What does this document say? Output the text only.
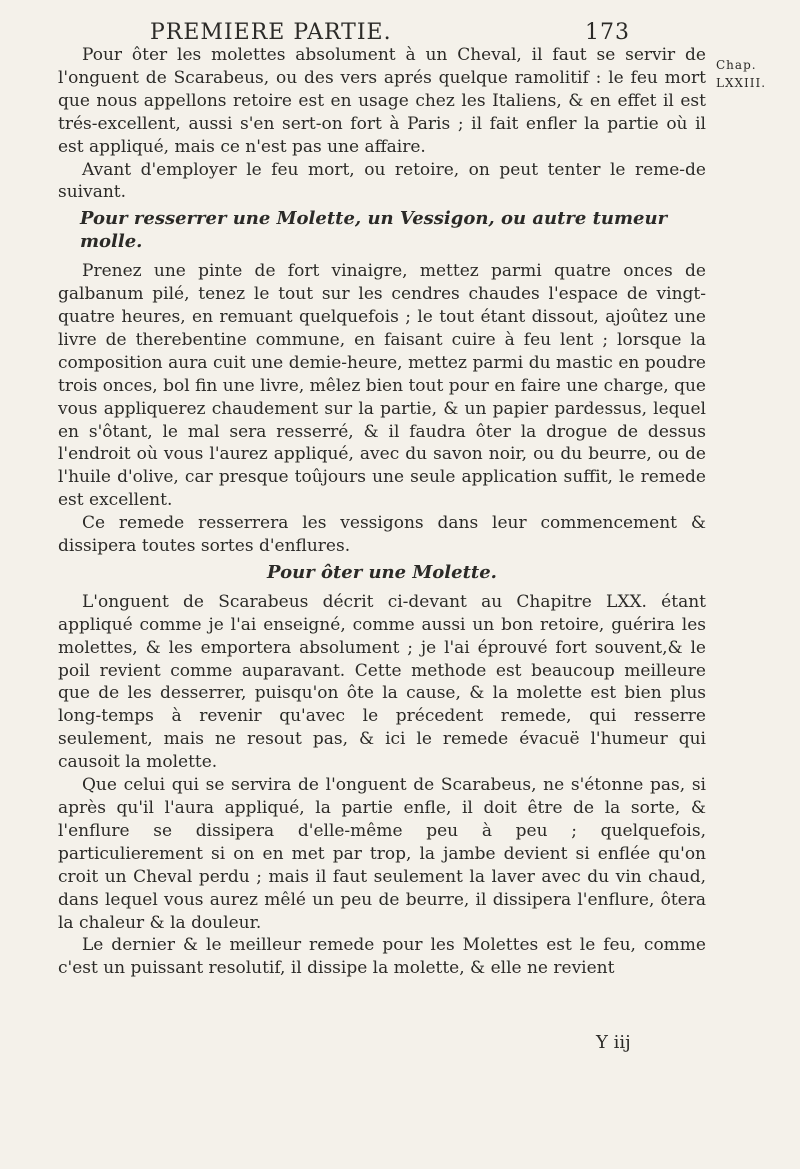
PREMIERE PARTIE.	173
Chap.
LXXIII.

Pour ôter les molettes absolument à un Cheval, il faut se servir de l'onguent de Scarabeus, ou des vers aprés quelque ramolitif : le feu mort que nous appellons retoire est en usage chez les Italiens, & en effet il est trés-excellent, aussi s'en sert-on fort à Paris ; il fait enfler la partie où il est appliqué, mais ce n'est pas une affaire.

Avant d'employer le feu mort, ou retoire, on peut tenter le reme-de suivant.

Pour resserrer une Molette, un Vessigon, ou autre tumeur molle.

Prenez une pinte de fort vinaigre, mettez parmi quatre onces de galbanum pilé, tenez le tout sur les cendres chaudes l'espace de vingt-quatre heures, en remuant quelquefois ; le tout étant dissout, ajoûtez une livre de therebentine commune, en faisant cuire à feu lent ; lorsque la composition aura cuit une demie-heure, mettez parmi du mastic en poudre trois onces, bol fin une livre, mêlez bien tout pour en faire une charge, que vous appliquerez chaudement sur la partie, & un papier pardessus, lequel en s'ôtant, le mal sera resserré, & il faudra ôter la drogue de dessus l'endroit où vous l'aurez appliqué, avec du savon noir, ou du beurre, ou de l'huile d'olive, car presque toûjours une seule application suffit, le remede est excellent.

Ce remede resserrera les vessigons dans leur commencement & dissipera toutes sortes d'enflures.

Pour ôter une Molette.

L'onguent de Scarabeus décrit ci-devant au Chapitre LXX. étant appliqué comme je l'ai enseigné, comme aussi un bon retoire, guérira les molettes, & les emportera absolument ; je l'ai éprouvé fort souvent,& le poil revient comme auparavant. Cette methode est beaucoup meilleure que de les desserrer, puisqu'on ôte la cause, & la molette est bien plus long-temps à revenir qu'avec le précedent remede, qui resserre seulement, mais ne resout pas, & ici le remede évacuë l'humeur qui causoit la molette.

Que celui qui se servira de l'onguent de Scarabeus, ne s'étonne pas, si après qu'il l'aura appliqué, la partie enfle, il doit être de la sorte, & l'enflure se dissipera d'elle-même peu à peu ; quelquefois, particulierement si on en met par trop, la jambe devient si enflée qu'on croit un Cheval perdu ; mais il faut seulement la laver avec du vin chaud, dans lequel vous aurez mêlé un peu de beurre, il dissipera l'enflure, ôtera la chaleur & la douleur.

Le dernier & le meilleur remede pour les Molettes est le feu, comme c'est un puissant resolutif, il dissipe la molette, & elle ne revient

Y iij
